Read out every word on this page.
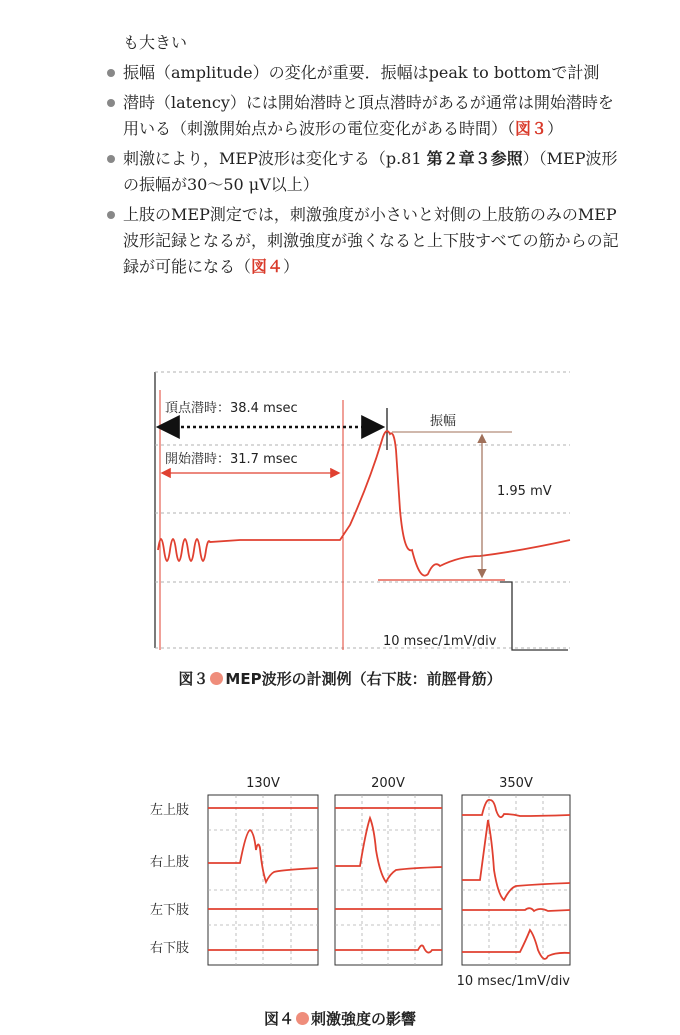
も大きい
振幅（amplitude）の変化が重要．振幅はpeak to bottomで計測
潜時（latency）には開始潜時と頂点潜時があるが通常は開始潜時を用いる（刺激開始点から波形の電位変化がある時間）（図３）
刺激により，MEP波形は変化する（p.81 第２章３参照）（MEP波形の振幅が30～50 μV以上）
上肢のMEP測定では，刺激強度が小さいと対側の上肢筋のみのMEP波形記録となるが，刺激強度が強くなると上下肢すべての筋からの記録が可能になる（図４）
頂点潜時：38.4 msec
開始潜時：31.7 msec
振幅
1.95 mV
10 msec/1mV/div
図３ MEP波形の計測例（右下肢：前脛骨筋）
130V	200V	350V
左上肢
右上肢
左下肢
右下肢
10 msec/1mV/div
図４ 刺激強度の影響
